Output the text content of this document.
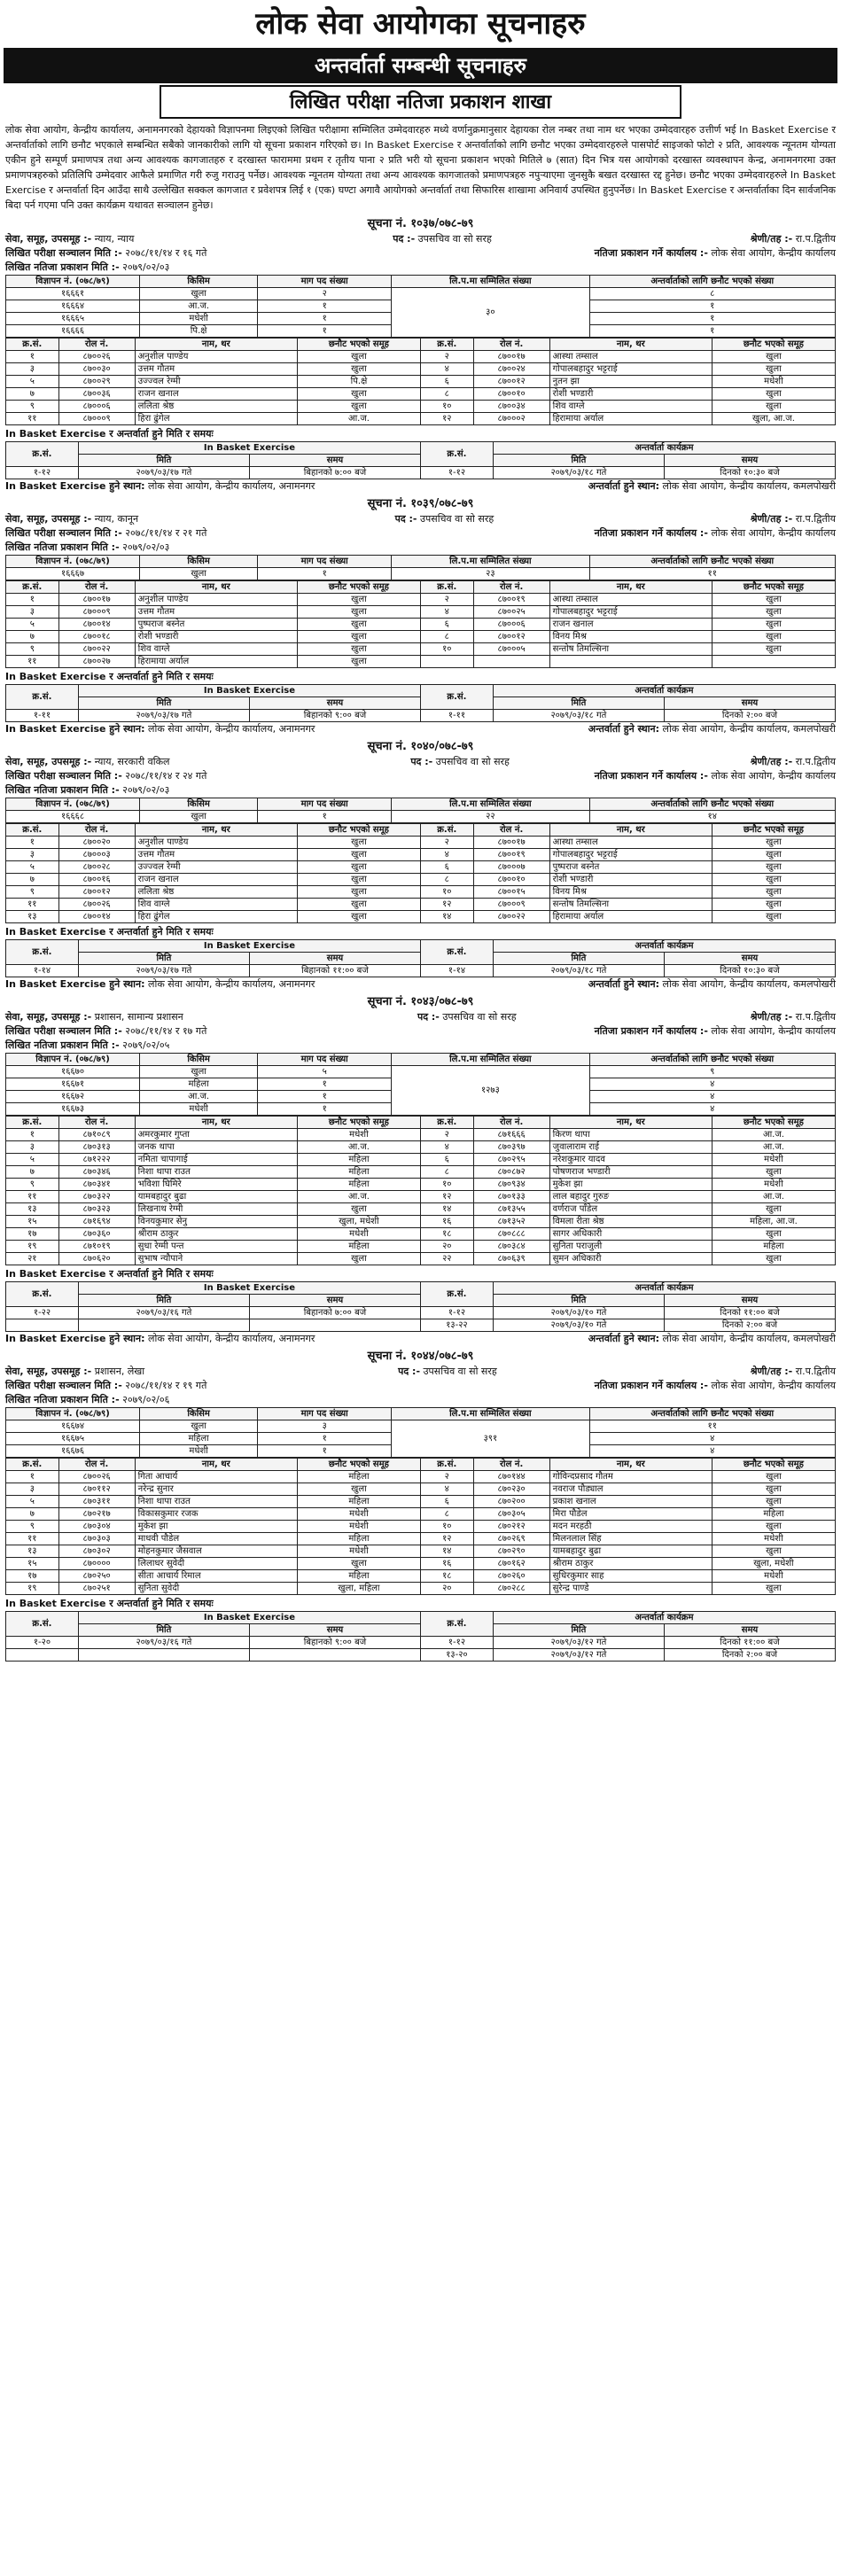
लोक सेवा आयोगका सूचनाहरु
अन्तर्वार्ता सम्बन्धी सूचनाहरु
लिखित परीक्षा नतिजा प्रकाशन शाखा
लोक सेवा आयोग, केन्द्रीय कार्यालय, अनामनगरको देहायको विज्ञापनमा लिइएको लिखित परीक्षामा सम्मिलित उम्मेदवारहरु मध्ये वर्णानुक्रमानुसार देहायका रोल नम्बर तथा नाम थर भएका उम्मेदवारहरु उत्तीर्ण भई In Basket Exercise र अन्तर्वार्ताको लागि छनौट भएकाले सम्बन्धित सबैको जानकारीको लागि यो सूचना प्रकाशन गरिएको छ। In Basket Exercise र अन्तर्वार्ताको लागि छनौट भएका उम्मेदवारहरुले पासपोर्ट साइजको फोटो २ प्रति, आवश्यक न्यूनतम योग्यता एकीन हुने सम्पूर्ण प्रमाणपत्र तथा अन्य आवश्यक कागजातहरु र दरखास्त फाराममा प्रथम र तृतीय पाना २ प्रति भरी यो सूचना प्रकाशन भएको मितिले ७ (सात) दिन भित्र यस आयोगको दरखास्त व्यवस्थापन केन्द्र, अनामनगरमा उक्त प्रमाणपत्रहरुको प्रतिलिपि उम्मेदवार आफैले प्रमाणित गरी रुजु गराउनु पर्नेछ। आवश्यक न्यूनतम योग्यता तथा अन्य आवश्यक कागजातको प्रमाणपत्रहरु नपुऱ्याएमा जुनसुकै बखत दरखास्त रद्द हुनेछ। छनौट भएका उम्मेदवारहरुले In Basket Exercise र अन्तर्वार्ता दिन आउँदा साथै उल्लेखित सक्कल कागजात र प्रवेशपत्र लिई १ (एक) घण्टा अगावै आयोगको अन्तर्वार्ता तथा सिफारिस शाखामा अनिवार्य उपस्थित हुनुपर्नेछ। In Basket Exercise र अन्तर्वार्ताका दिन सार्वजनिक बिदा पर्न गएमा पनि उक्त कार्यक्रम यथावत सञ्चालन हुनेछ।
सूचना नं. १०३७/०७८-७९
सेवा, समूह, उपसमूह :- न्याय, न्याय	पद :- उपसचिव वा सो सरह	श्रेणी/तह :- रा.प.द्वितीय
लिखित परीक्षा सञ्चालन मिति :- २०७८/११/१४ र १६ गते	नतिजा प्रकाशन गर्ने कार्यालय :- लोक सेवा आयोग, केन्द्रीय कार्यालय
लिखित नतिजा प्रकाशन मिति :- २०७९/०२/०३
विज्ञापन नं. (०७८/७९)	किसिम	माग पद संख्या	लि.प.मा सम्मिलित संख्या	अन्तर्वार्ताको लागि छनौट भएको संख्या
१६६६१	खुला	२	३०	८
१६६६४	आ.ज.	१		१
१६६६५	मधेशी	१		१
१६६६६	पि.क्षे	१		१
क्र.सं.	रोल नं.	नाम, थर	छनौट भएको समूह	क्र.सं.	रोल नं.	नाम, थर	छनौट भएको समूह
१	८७००२६	अनुशील पाण्डेय	खुला	२	८७००१७	आस्था तम्साल	खुला
३	८७००३०	उत्तम गौतम	खुला	४	८७००२४	गोपालबहादुर भट्टराई	खुला
५	८७००२९	उज्ज्वल रेग्मी	पि.क्षे	६	८७००१२	नुतन झा	मधेशी
७	८७००३६	राजन खनाल	खुला	८	८७००१०	रोशी भण्डारी	खुला
९	८७०००६	ललिता श्रेष्ठ	खुला	१०	८७००३४	शिव वाग्ले	खुला
११	८७०००९	हिरा ढुंगेल	आ.ज.	१२	८७०००२	हिरामाया अर्याल	खुला, आ.ज.
In Basket Exercise र अन्तर्वार्ता हुने मिति र समयः
क्र.सं.	In Basket Exercise		क्र.सं.	अन्तर्वार्ता कार्यक्रम	
	मिति	समय		मिति	समय
१-१२	२०७९/०३/१७ गते	बिहानको ७:०० बजे	१-१२	२०७९/०३/१८ गते	दिनको १०:३० बजे
In Basket Exercise हुने स्थान: लोक सेवा आयोग, केन्द्रीय कार्यालय, अनामनगर	अन्तर्वार्ता हुने स्थान: लोक सेवा आयोग, केन्द्रीय कार्यालय, कमलपोखरी
सूचना नं. १०३९/०७८-७९
सेवा, समूह, उपसमूह :- न्याय, कानून	पद :- उपसचिव वा सो सरह	श्रेणी/तह :- रा.प.द्वितीय
लिखित परीक्षा सञ्चालन मिति :- २०७८/११/१४ र २१ गते	नतिजा प्रकाशन गर्ने कार्यालय :- लोक सेवा आयोग, केन्द्रीय कार्यालय
लिखित नतिजा प्रकाशन मिति :- २०७९/०२/०३
विज्ञापन नं. (०७८/७९)	किसिम	माग पद संख्या	लि.प.मा सम्मिलित संख्या	अन्तर्वार्ताको लागि छनौट भएको संख्या
१६६६७	खुला	१	२३	११
क्र.सं.	रोल नं.	नाम, थर	छनौट भएको समूह	क्र.सं.	रोल नं.	नाम, थर	छनौट भएको समूह
१	८७००१७	अनुशील पाण्डेय	खुला	२	८७००१९	आस्था तम्साल	खुला
३	८७०००९	उत्तम गौतम	खुला	४	८७००२५	गोपालबहादुर भट्टराई	खुला
५	८७००१४	पुष्पराज बस्नेत	खुला	६	८७०००६	राजन खनाल	खुला
७	८७००१८	रोशी भण्डारी	खुला	८	८७००१२	विनय मिश्र	खुला
९	८७००२२	शिव वाग्ले	खुला	१०	८७०००५	सन्तोष तिमल्सिना	खुला
११	८७००२७	हिरामाया अर्याल	खुला				
In Basket Exercise र अन्तर्वार्ता हुने मिति र समयः
क्र.सं.	In Basket Exercise		क्र.सं.	अन्तर्वार्ता कार्यक्रम	
	मिति	समय		मिति	समय
१-११	२०७९/०३/१७ गते	बिहानको ९:०० बजे	१-११	२०७९/०३/१८ गते	दिनको २:०० बजे
In Basket Exercise हुने स्थान: लोक सेवा आयोग, केन्द्रीय कार्यालय, अनामनगर	अन्तर्वार्ता हुने स्थान: लोक सेवा आयोग, केन्द्रीय कार्यालय, कमलपोखरी
सूचना नं. १०४०/०७८-७९
सेवा, समूह, उपसमूह :- न्याय, सरकारी वकिल	पद :- उपसचिव वा सो सरह	श्रेणी/तह :- रा.प.द्वितीय
लिखित परीक्षा सञ्चालन मिति :- २०७८/११/१४ र २४ गते	नतिजा प्रकाशन गर्ने कार्यालय :- लोक सेवा आयोग, केन्द्रीय कार्यालय
लिखित नतिजा प्रकाशन मिति :- २०७९/०२/०३
विज्ञापन नं. (०७८/७९)	किसिम	माग पद संख्या	लि.प.मा सम्मिलित संख्या	अन्तर्वार्ताको लागि छनौट भएको संख्या
१६६६८	खुला	१	२२	१४
क्र.सं.	रोल नं.	नाम, थर	छनौट भएको समूह	क्र.सं.	रोल नं.	नाम, थर	छनौट भएको समूह
१	८७००२०	अनुशील पाण्डेय	खुला	२	८७००१७	आस्था तम्साल	खुला
३	८७०००३	उत्तम गौतम	खुला	४	८७००१९	गोपालबहादुर भट्टराई	खुला
५	८७००२८	उज्ज्वल रेग्मी	खुला	६	८७०००७	पुष्पराज बस्नेत	खुला
७	८७००१६	राजन खनाल	खुला	८	८७००१०	रोशी भण्डारी	खुला
९	८७००१२	ललिता श्रेष्ठ	खुला	१०	८७००१५	विनय मिश्र	खुला
११	८७००२६	शिव वाग्ले	खुला	१२	८७०००९	सन्तोष तिमल्सिना	खुला
१३	८७००१४	हिरा ढुंगेल	खुला	१४	८७००२२	हिरामाया अर्याल	खुला
In Basket Exercise र अन्तर्वार्ता हुने मिति र समयः
क्र.सं.	In Basket Exercise		क्र.सं.	अन्तर्वार्ता कार्यक्रम	
	मिति	समय		मिति	समय
१-१४	२०७९/०३/१७ गते	बिहानको ११:०० बजे	१-१४	२०७९/०३/१८ गते	दिनको १०:३० बजे
In Basket Exercise हुने स्थान: लोक सेवा आयोग, केन्द्रीय कार्यालय, अनामनगर	अन्तर्वार्ता हुने स्थान: लोक सेवा आयोग, केन्द्रीय कार्यालय, कमलपोखरी
सूचना नं. १०४३/०७८-७९
सेवा, समूह, उपसमूह :- प्रशासन, सामान्य प्रशासन	पद :- उपसचिव वा सो सरह	श्रेणी/तह :- रा.प.द्वितीय
लिखित परीक्षा सञ्चालन मिति :- २०७८/११/१४ र १७ गते	नतिजा प्रकाशन गर्ने कार्यालय :- लोक सेवा आयोग, केन्द्रीय कार्यालय
लिखित नतिजा प्रकाशन मिति :- २०७९/०२/०५
विज्ञापन नं. (०७८/७९)	किसिम	माग पद संख्या	लि.प.मा सम्मिलित संख्या	अन्तर्वार्ताको लागि छनौट भएको संख्या
१६६७०	खुला	५	१२७३	९
१६६७१	महिला	१		४
१६६७२	आ.ज.	१		४
१६६७३	मधेशी	१		४
क्र.सं.	रोल नं.	नाम, थर	छनौट भएको समूह	क्र.सं.	रोल नं.	नाम, थर	छनौट भएको समूह
१	८७१०८९	अमरकुमार गुप्ता	मधेशी	२	८७१६६६	किरण थापा	आ.ज.
३	८७०३१३	जनक थापा	आ.ज.	४	८७०३९७	जुवालाराम राई	आ.ज.
५	८७१२२२	नमिता चापागाई	महिला	६	८७०२९५	नरेशकुमार यादव	मधेशी
७	८७०३४६	निशा थापा राउत	महिला	८	८७०८७२	पोषणराज भण्डारी	खुला
९	८७०३४१	भविशा घिमिरे	महिला	१०	८७०९३४	मुकेश झा	मधेशी
११	८७०३२२	यामबहादुर बुढा	आ.ज.	१२	८७०१३३	लाल बहादुर गुरुङ	आ.ज.
१३	८७०३२३	लिखनाथ रेग्मी	खुला	१४	८७१३५५	वर्णराज पाँडेल	खुला
१५	८७१६९४	विनयकुमार सेनु	खुला, मधेशी	१६	८७१३५२	विमला रीता श्रेष्ठ	महिला, आ.ज.
१७	८७०३६०	श्रीराम ठाकुर	मधेशी	१८	८७०८८८	सागर अधिकारी	खुला
१९	८७१०१९	सुधा रेग्मी पन्त	महिला	२०	८७०३८४	सुनिता पराजुली	महिला
२१	८७०६२०	सुभाष न्यौपाने	खुला	२२	८७०६३९	सुमन अधिकारी	खुला
In Basket Exercise र अन्तर्वार्ता हुने मिति र समयः
क्र.सं.	In Basket Exercise		क्र.सं.	अन्तर्वार्ता कार्यक्रम	
	मिति	समय		मिति	समय
१-२२	२०७९/०३/१६ गते	बिहानको ७:०० बजे	१-१२	२०७९/०३/१० गते	दिनको ११:०० बजे
			१३-२२	२०७९/०३/१० गते	दिनको २:०० बजे
In Basket Exercise हुने स्थान: लोक सेवा आयोग, केन्द्रीय कार्यालय, अनामनगर	अन्तर्वार्ता हुने स्थान: लोक सेवा आयोग, केन्द्रीय कार्यालय, कमलपोखरी
सूचना नं. १०४४/०७८-७९
सेवा, समूह, उपसमूह :- प्रशासन, लेखा	पद :- उपसचिव वा सो सरह	श्रेणी/तह :- रा.प.द्वितीय
लिखित परीक्षा सञ्चालन मिति :- २०७८/११/१४ र १९ गते	नतिजा प्रकाशन गर्ने कार्यालय :- लोक सेवा आयोग, केन्द्रीय कार्यालय
लिखित नतिजा प्रकाशन मिति :- २०७९/०२/०६
विज्ञापन नं. (०७८/७९)	किसिम	माग पद संख्या	लि.प.मा सम्मिलित संख्या	अन्तर्वार्ताको लागि छनौट भएको संख्या
१६६७४	खुला	३	३९१	११
१६६७५	महिला	१		४
१६६७६	मधेशी	१		४
क्र.सं.	रोल नं.	नाम, थर	छनौट भएको समूह	क्र.सं.	रोल नं.	नाम, थर	छनौट भएको समूह
१	८७००२६	गिता आचार्य	महिला	२	८७०१४४	गोविन्दप्रसाद गौतम	खुला
३	८७०११२	नरेन्द्र सुनार	खुला	४	८७०२३०	नवराज पौड्याल	खुला
५	८७०३११	निशा थापा राउत	महिला	६	८७०२००	प्रकाश खनाल	खुला
७	८७०२१७	विकासकुमार रजक	मधेशी	८	८७०३०५	मिरा पौडेल	महिला
९	८७०३०४	मुकेश झा	मधेशी	१०	८७०२१२	मदन मरहठी	खुला
११	८७०३०३	माधवी पौडेल	महिला	१२	८७०२६९	मिलनलाल सिंह	मधेशी
१३	८७०३०२	मोहनकुमार जैसवाल	मधेशी	१४	८७०२९०	यामबहादुर बुढा	खुला
१५	८७००००	लिलाधर सुवेदी	खुला	१६	८७०१६२	श्रीराम ठाकुर	खुला, मधेशी
१७	८७०२५०	सीता आचार्य रिमाल	महिला	१८	८७०२६०	सुधिरकुमार साह	मधेशी
१९	८७०२५१	सुनिता सुवेदी	खुला, महिला	२०	८७०२८८	सुरेन्द्र पाण्डे	खुला
In Basket Exercise र अन्तर्वार्ता हुने मिति र समयः
क्र.सं.	In Basket Exercise		क्र.सं.	अन्तर्वार्ता कार्यक्रम	
	मिति	समय		मिति	समय
१-२०	२०७९/०३/१६ गते	बिहानको ९:०० बजे	१-१२	२०७९/०३/१२ गते	दिनको ११:०० बजे
			१३-२०	२०७९/०३/१२ गते	दिनको २:०० बजे
